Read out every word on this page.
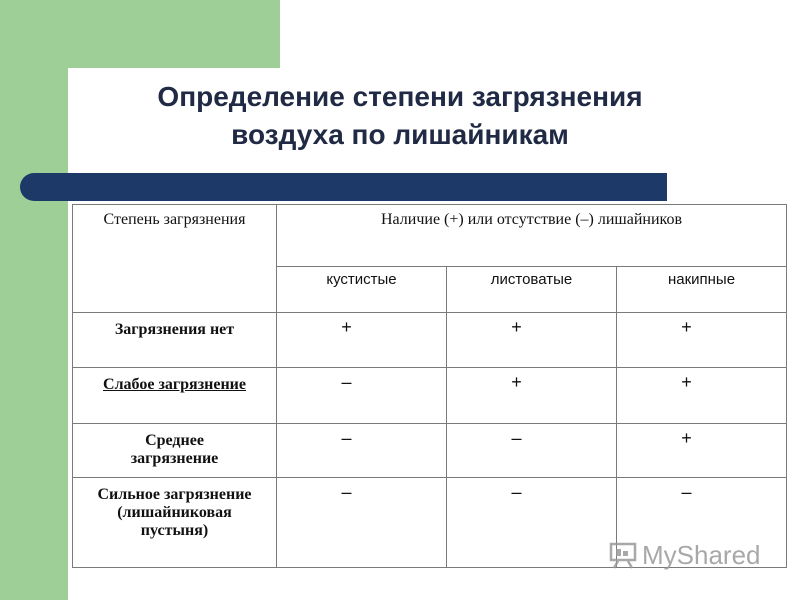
Определение степени загрязнения
воздуха по лишайникам
Степень загрязнения	Наличие (+) или отсутствие (–) лишайников		
	кустистые	листоватые	накипные
Загрязнения нет	+	+	+
Слабое загрязнение	–	+	+
Среднее загрязнение	–	–	+
Сильное загрязнение (лишайниковая пустыня)	–	–	–
MyShared
